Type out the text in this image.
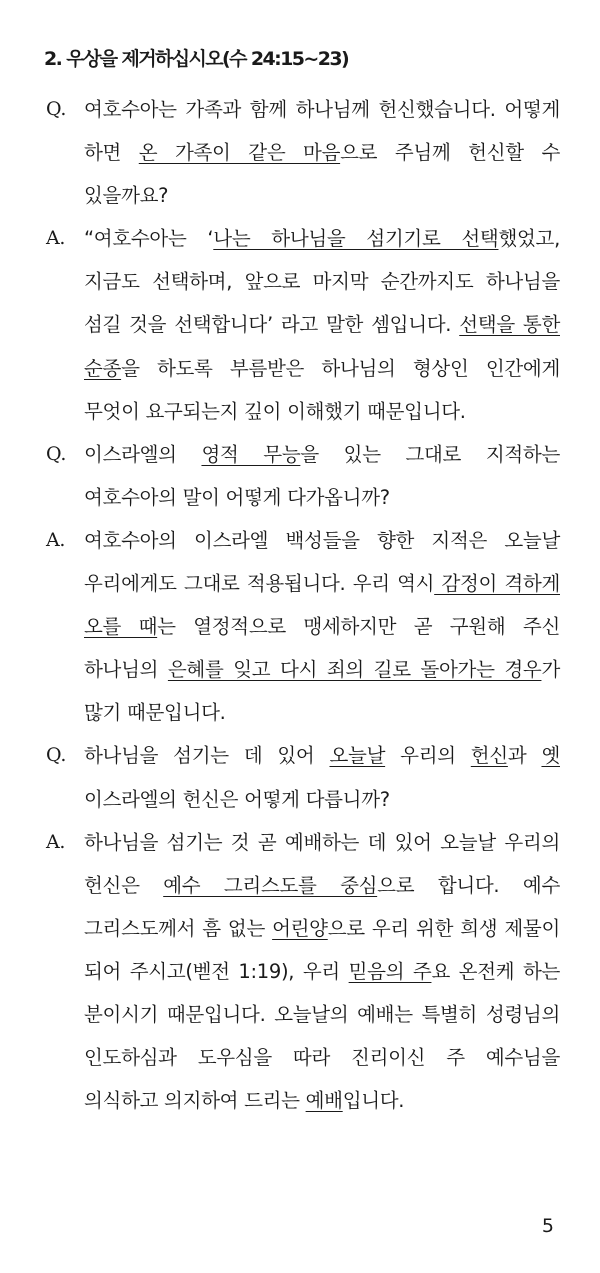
2. 우상을 제거하십시오(수 24:15~23)
Q. 여호수아는 가족과 함께 하나님께 헌신했습니다. 어떻게 하면 온 가족이 같은 마음으로 주님께 헌신할 수 있을까요?
A. “여호수아는 ‘나는 하나님을 섬기기로 선택했었고, 지금도 선택하며, 앞으로 마지막 순간까지도 하나님을 섬길 것을 선택합니다’ 라고 말한 셈입니다. 선택을 통한 순종을 하도록 부름받은 하나님의 형상인 인간에게 무엇이 요구되는지 깊이 이해했기 때문입니다.
Q. 이스라엘의 영적 무능을 있는 그대로 지적하는 여호수아의 말이 어떻게 다가옵니까?
A. 여호수아의 이스라엘 백성들을 향한 지적은 오늘날 우리에게도 그대로 적용됩니다. 우리 역시 감정이 격하게 오를 때는 열정적으로 맹세하지만 곧 구원해 주신 하나님의 은혜를 잊고 다시 죄의 길로 돌아가는 경우가 많기 때문입니다.
Q. 하나님을 섬기는 데 있어 오늘날 우리의 헌신과 옛 이스라엘의 헌신은 어떻게 다릅니까?
A. 하나님을 섬기는 것 곧 예배하는 데 있어 오늘날 우리의 헌신은 예수 그리스도를 중심으로 합니다. 예수 그리스도께서 흠 없는 어린양으로 우리 위한 희생 제물이 되어 주시고(벧전 1:19), 우리 믿음의 주요 온전케 하는 분이시기 때문입니다. 오늘날의 예배는 특별히 성령님의 인도하심과 도우심을 따라 진리이신 주 예수님을 의식하고 의지하여 드리는 예배입니다.
5
